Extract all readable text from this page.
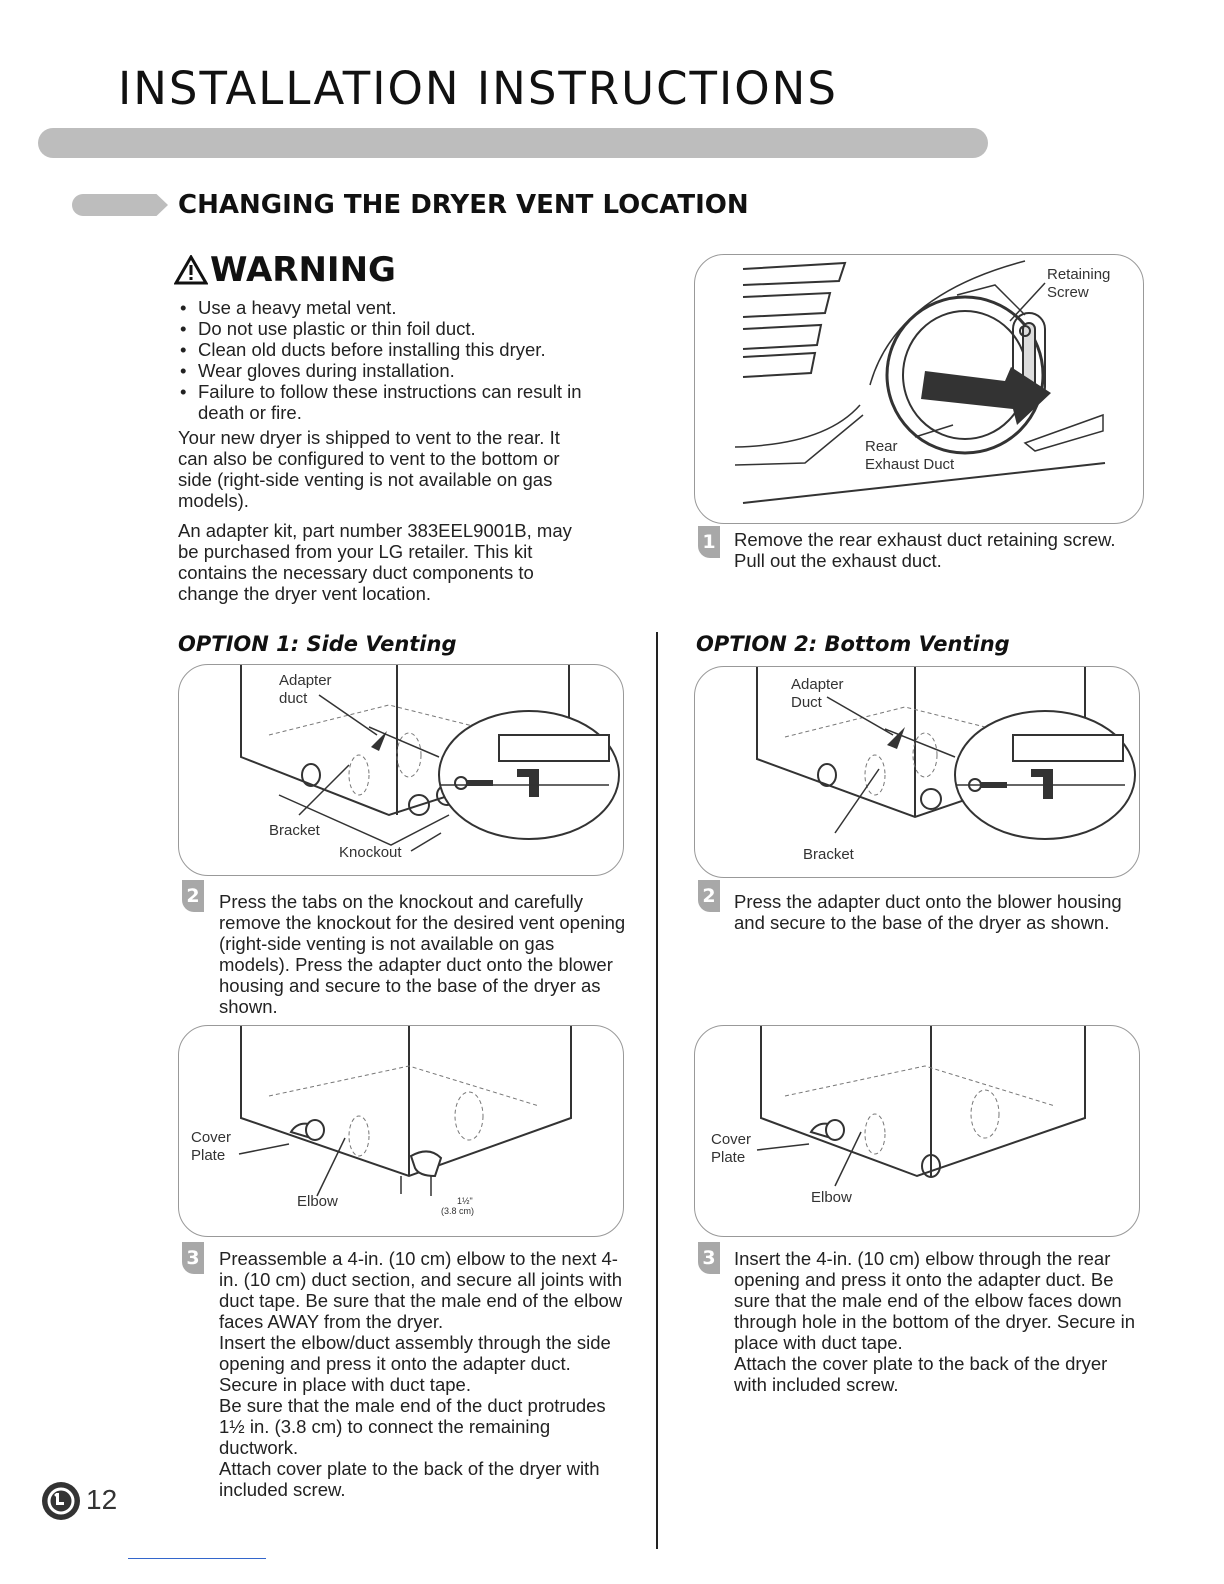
INSTALLATION INSTRUCTIONS
CHANGING THE DRYER VENT LOCATION
WARNING
• Use a heavy metal vent.
• Do not use plastic or thin foil duct.
• Clean old ducts before installing this dryer.
• Wear gloves during installation.
• Failure to follow these instructions can result in death or fire.
Your new dryer is shipped to vent to the rear. It can also be configured to vent to the bottom or side (right-side venting is not available on gas models).
An adapter kit, part number 383EEL9001B, may be purchased from your LG retailer. This kit contains the necessary duct components to change the dryer vent location.
Retaining
Screw
Rear
Exhaust Duct
1 Remove the rear exhaust duct retaining screw. Pull out the exhaust duct.
OPTION 1: Side Venting	OPTION 2: Bottom Venting
Adapter
duct
Bracket
Knockout
2 Press the tabs on the knockout and carefully remove the knockout for the desired vent opening (right-side venting is not available on gas models). Press the adapter duct onto the blower housing and secure to the base of the dryer as shown.
Cover
Plate
Elbow	1½"
(3.8 cm)
3 Preassemble a 4-in. (10 cm) elbow to the next 4-in. (10 cm) duct section, and secure all joints with duct tape. Be sure that the male end of the elbow faces AWAY from the dryer.
Insert the elbow/duct assembly through the side opening and press it onto the adapter duct. Secure in place with duct tape.
Be sure that the male end of the duct protrudes 1½ in. (3.8 cm) to connect the remaining ductwork.
Attach cover plate to the back of the dryer with included screw.
Adapter
Duct
Bracket
2 Press the adapter duct onto the blower housing and secure to the base of the dryer as shown.
Cover
Plate
Elbow
3 Insert the 4-in. (10 cm) elbow through the rear opening and press it onto the adapter duct. Be sure that the male end of the elbow faces down through hole in the bottom of the dryer. Secure in place with duct tape.
Attach the cover plate to the back of the dryer with included screw.
12
